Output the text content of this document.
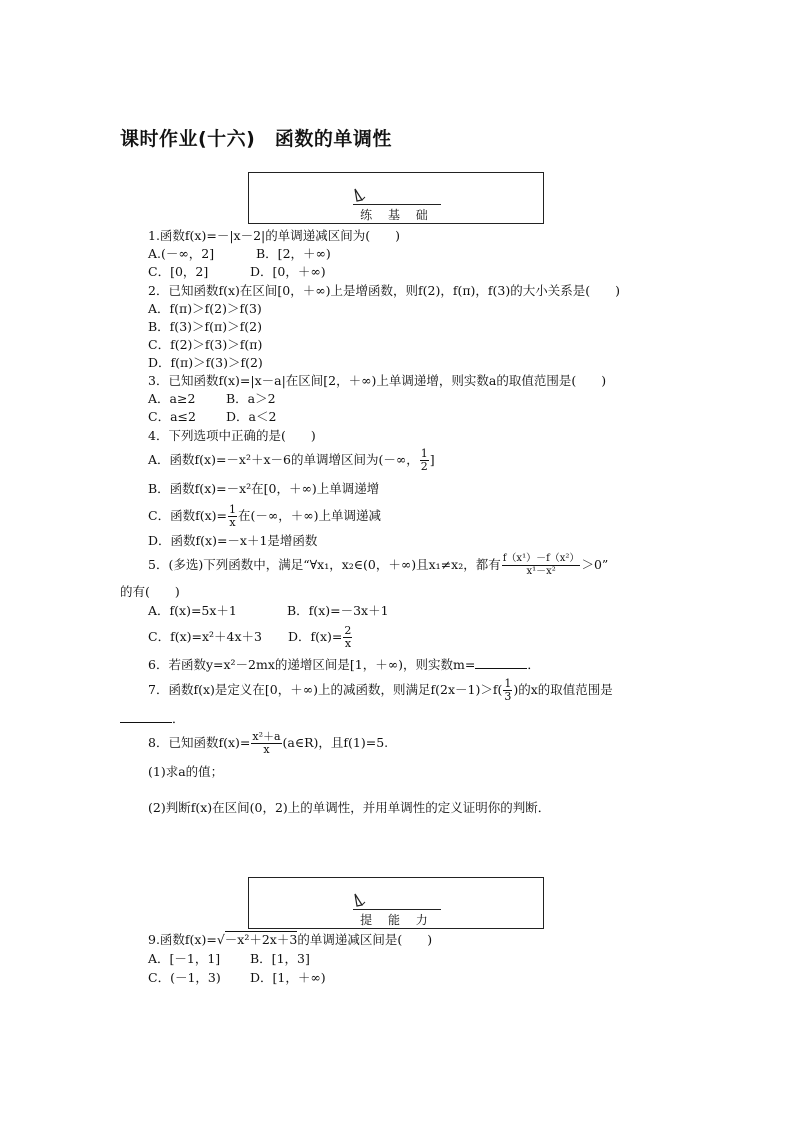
课时作业(十六)　函数的单调性
练 基 础
1.函数f(x)=－|x－2|的单调递减区间为(　　)
A.(－∞，2]	B．[2，＋∞)
C．[0，2]	D．[0，＋∞)
2．已知函数f(x)在区间[0，＋∞)上是增函数，则f(2)，f(π)，f(3)的大小关系是(　　)
A．f(π)＞f(2)＞f(3)
B．f(3)＞f(π)＞f(2)
C．f(2)＞f(3)＞f(π)
D．f(π)＞f(3)＞f(2)
3．已知函数f(x)=|x－a|在区间[2，＋∞)上单调递增，则实数a的取值范围是(　　)
A．a≥2 B．a＞2
C．a≤2 D．a＜2
4．下列选项中正确的是(　　)
A．函数f(x)=－x²＋x－6的单调增区间为(－∞， $\frac{1}{2}$ ]
B．函数f(x)=－x²在[0，＋∞)上单调递增
C．函数$f(x)= \frac{1}{x}$ 在(－∞，＋∞)上单调递减
D．函数f(x)=－x＋1是增函数
5．(多选)下列函数中，满足“∀x₁，x₂∈(0，＋∞)且x₁≠x₂，都有 $\frac{\text{f（x¹）－f（x²）}}{\text{x¹－x²}} >0$”
的有(　　)
A．f(x)=5x＋1	B．f(x)=－3x＋1
C．f(x)=x²＋4x＋3 D．$f(x)= \frac{2}{x}$
6．若函数y=x²－2mx的递增区间是[1，＋∞)，则实数m=	．
7．函数f(x)是定义在[0，＋∞)上的减函数，则满足$f(2x-1)>f( \frac{1}{3}$ )的x的取值范围是
．
8．已知函数$f(x)= \frac{\text{x²＋a}}{x}$ (a∈R)，且f(1)=5.
(1)求a的值；
(2)判断f(x)在区间(0，2)上的单调性，并用单调性的定义证明你的判断．
提 能 力
9.函数f(x)=√－x²＋2x＋3的单调递减区间是(　　)
A．[－1，1] B．[1，3]
C．(－1，3) D．[1，＋∞)
